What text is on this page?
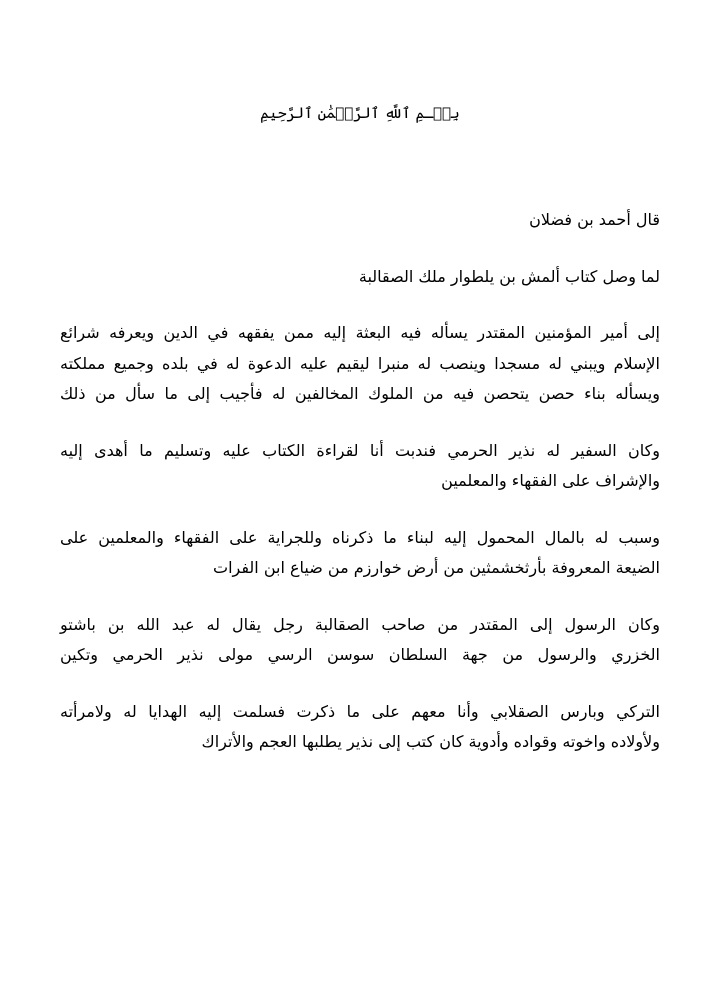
بِسۡـمِ ٱللَّهِ ٱلرَّحۡمَٰنِ ٱلرَّحِيمِ

قال أحمد بن فضلان

لما وصل كتاب ألمش بن يلطوار ملك الصقالبة

إلى أمير المؤمنين المقتدر يسأله فيه البعثة إليه ممن يفقهه في الدين ويعرفه شرائع
الإسلام ويبني له مسجدا وينصب له منبرا ليقيم عليه الدعوة له في بلده وجميع مملكته
ويسأله بناء حصن يتحصن فيه من الملوك المخالفين له فأجيب إلى ما سأل من ذلك

وكان السفير له نذير الحرمي فندبت أنا لقراءة الكتاب عليه وتسليم ما أهدى إليه
والإشراف على الفقهاء والمعلمين

وسبب له بالمال المحمول إليه لبناء ما ذكرناه وللجراية على الفقهاء والمعلمين على
الضيعة المعروفة بأرثخشمثين من أرض خوارزم من ضياع ابن الفرات

وكان الرسول إلى المقتدر من صاحب الصقالبة رجل يقال له عبد الله بن باشتو
الخزري والرسول من جهة السلطان سوسن الرسي مولى نذير الحرمي وتكين

التركي وبارس الصقلابي وأنا معهم على ما ذكرت فسلمت إليه الهدايا له ولامرأته
ولأولاده واخوته وقواده وأدوية كان كتب إلى نذير يطلبها العجم والأتراك
